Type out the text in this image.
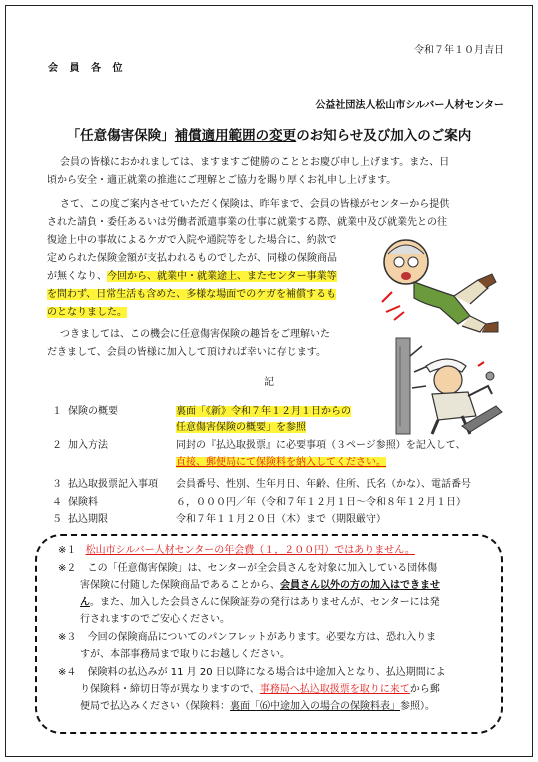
令和７年１０月吉日
会 員 各 位
公益社団法人松山市シルバー人材センター
「任意傷害保険」補償適用範囲の変更のお知らせ及び加入のご案内
会員の皆様におかれましては、ますますご健勝のこととお慶び申し上げます。また、日
頃から安全・適正就業の推進にご理解とご協力を賜り厚くお礼申し上げます。
さて、この度ご案内させていただく保険は、昨年まで、会員の皆様がセンターから提供
された請負・委任あるいは労働者派遣事業の仕事に就業する際、就業中及び就業先との往
復途上中の事故によるケガで入院や通院等をした場合に、約款で
定められた保険金額が支払われるものでしたが、同様の保険商品
が無くなり、今回から、就業中・就業途上、またセンター事業等
を問わず、日常生活も含めた、多様な場面でのケガを補償するも
のとなりました。
つきましては、この機会に任意傷害保険の趣旨をご理解いた
だきまして、会員の皆様に加入して頂ければ幸いに存じます。
記
１ 保険の概要	裏面「《新》令和７年１２月１日からの
任意傷害保険の概要」を参照
２ 加入方法	同封の『払込取扱票』に必要事項（３ページ参照）を記入して、
直接、郵便局にて保険料を納入してください。
３ 払込取扱票記入事項 会員番号、性別、生年月日、年齢、住所、氏名（かな）、電話番号
４ 保険料	６，０００円／年（令和７年１２月１日～令和８年１２月１日）
５ 払込期限	令和７年１１月２０日（木）まで（期限厳守）
※１ 松山市シルバー人材センターの年会費（１，２００円）ではありません。
※２ この「任意傷害保険」は、センターが全会員さんを対象に加入している団体傷
害保険に付随した保険商品であることから、会員さん以外の方の加入はできませ
ん。また、加入した会員さんに保険証券の発行はありませんが、センターには発
行されますのでご安心ください。
※３ 今回の保険商品についてのパンフレットがあります。必要な方は、恐れ入りま
すが、本部事務局まで取りにお越しください。
※４ 保険料の払込みが 11 月 20 日以降になる場合は中途加入となり、払込期間によ
り保険料・締切日等が異なりますので、事務局へ払込取扱票を取りに来てから郵
便局で払込みください（保険料：裏面「⑹中途加入の場合の保険料表」参照）。
